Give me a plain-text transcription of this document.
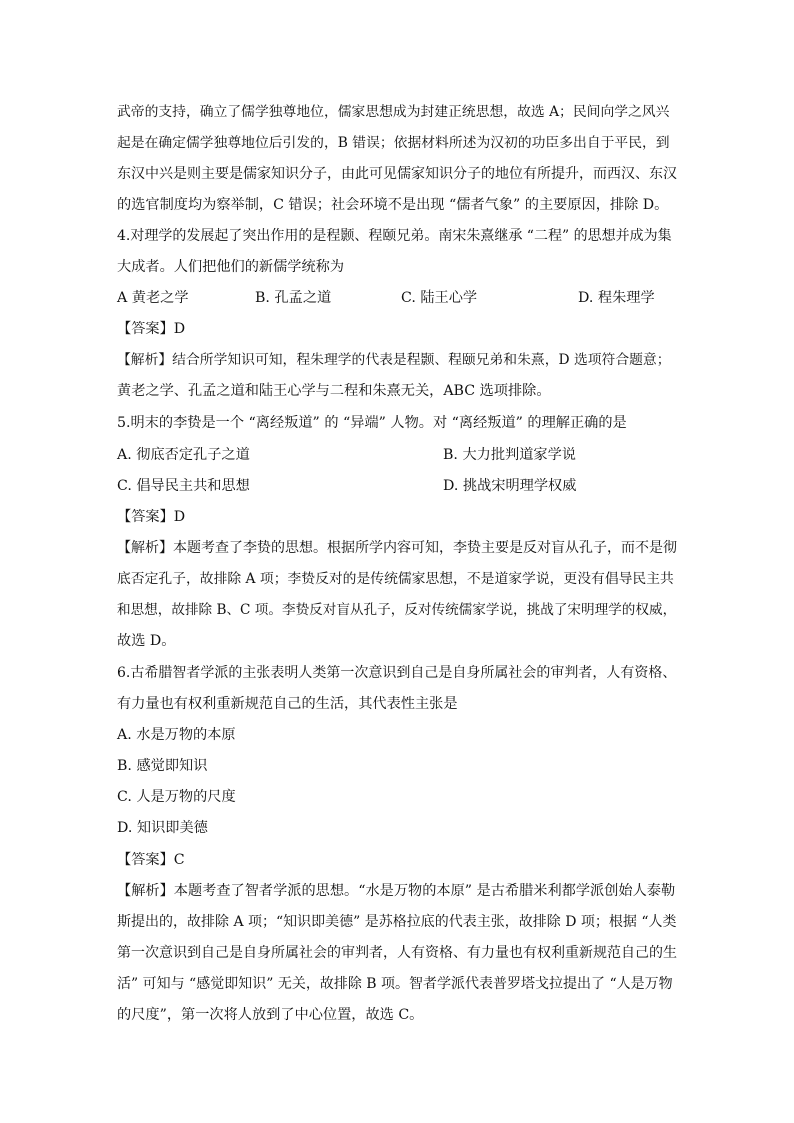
武帝的支持，确立了儒学独尊地位，儒家思想成为封建正统思想，故选 A；民间向学之风兴
起是在确定儒学独尊地位后引发的，B 错误；依据材料所述为汉初的功臣多出自于平民，到
东汉中兴是则主要是儒家知识分子，由此可见儒家知识分子的地位有所提升，而西汉、东汉
的选官制度均为察举制，C 错误；社会环境不是出现 “儒者气象” 的主要原因，排除 D。
4.对理学的发展起了突出作用的是程颢、程颐兄弟。南宋朱熹继承 “二程” 的思想并成为集
大成者。人们把他们的新儒学统称为
A 黄老之学	B. 孔孟之道	C. 陆王心学	D. 程朱理学
【答案】D
【解析】结合所学知识可知，程朱理学的代表是程颢、程颐兄弟和朱熹，D 选项符合题意；
黄老之学、孔孟之道和陆王心学与二程和朱熹无关，ABC 选项排除。
5.明末的李贽是一个 “离经叛道” 的 “异端” 人物。对 “离经叛道” 的理解正确的是
A. 彻底否定孔子之道	B. 大力批判道家学说
C. 倡导民主共和思想	D. 挑战宋明理学权威
【答案】D
【解析】本题考查了李贽的思想。根据所学内容可知，李贽主要是反对盲从孔子，而不是彻
底否定孔子，故排除 A 项；李贽反对的是传统儒家思想，不是道家学说，更没有倡导民主共
和思想，故排除 B、C 项。李贽反对盲从孔子，反对传统儒家学说，挑战了宋明理学的权威，
故选 D。
6.古希腊智者学派的主张表明人类第一次意识到自己是自身所属社会的审判者，人有资格、
有力量也有权利重新规范自己的生活，其代表性主张是
A. 水是万物的本原
B. 感觉即知识
C. 人是万物的尺度
D. 知识即美德
【答案】C
【解析】本题考查了智者学派的思想。“水是万物的本原” 是古希腊米利都学派创始人泰勒
斯提出的，故排除 A 项；“知识即美德” 是苏格拉底的代表主张，故排除 D 项；根据 “人类
第一次意识到自己是自身所属社会的审判者，人有资格、有力量也有权利重新规范自己的生
活” 可知与 “感觉即知识” 无关，故排除 B 项。智者学派代表普罗塔戈拉提出了 “人是万物
的尺度”，第一次将人放到了中心位置，故选 C。
